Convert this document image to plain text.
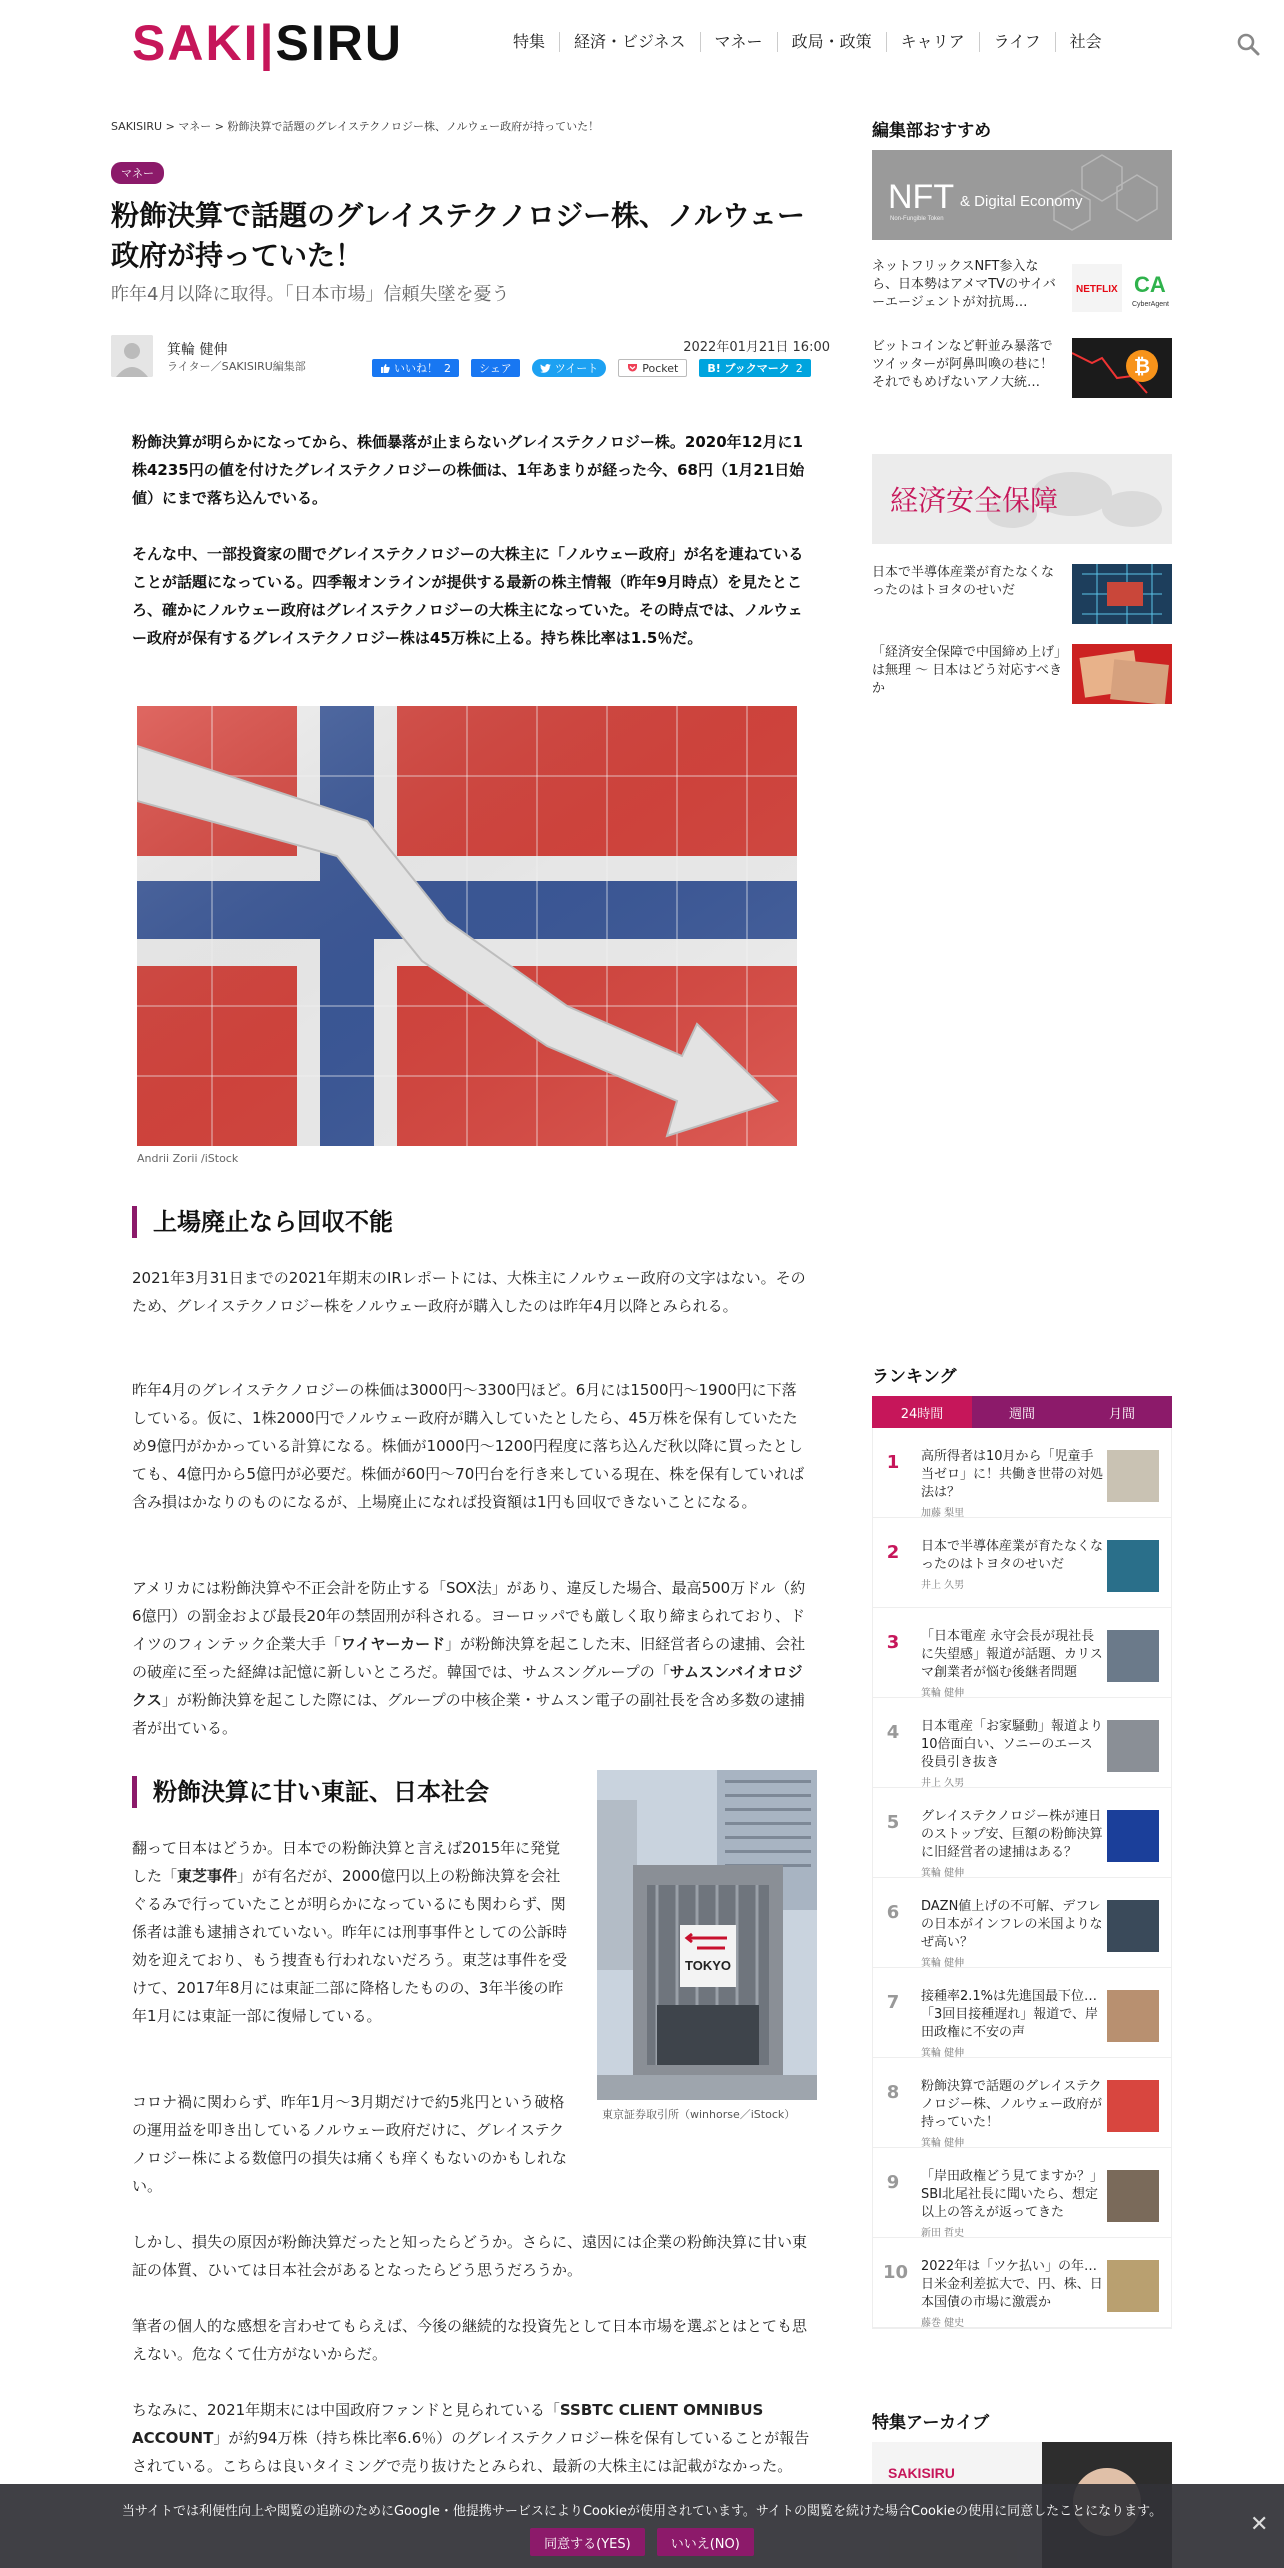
SAKI|SIRU	特集	経済・ビジネス	マネー	政局・政策	キャリア	ライフ	社会
SAKISIRU > マネー > 粉飾決算で話題のグレイステクノロジー株、ノルウェー政府が持っていた！
マネー
粉飾決算で話題のグレイステクノロジー株、ノルウェー政府が持っていた！
昨年4月以降に取得。「日本市場」信頼失墜を憂う
箕輪 健伸
ライター／SAKISIRU編集部
2022年01月21日 16:00
いいね！ 2	シェア	ツイート	Pocket	B! ブックマーク 2

粉飾決算が明らかになってから、株価暴落が止まらないグレイステクノロジー株。2020年12月に1株4235円の値を付けたグレイステクノロジーの株価は、1年あまりが経った今、68円（1月21日始値）にまで落ち込んでいる。

そんな中、一部投資家の間でグレイステクノロジーの大株主に「ノルウェー政府」が名を連ねていることが話題になっている。四季報オンラインが提供する最新の株主情報（昨年9月時点）を見たところ、確かにノルウェー政府はグレイステクノロジーの大株主になっていた。その時点では、ノルウェー政府が保有するグレイステクノロジー株は45万株に上る。持ち株比率は1.5％だ。

Andrii Zorii /iStock
上場廃止なら回収不能

2021年3月31日までの2021年期末のIRレポートには、大株主にノルウェー政府の文字はない。そのため、グレイステクノロジー株をノルウェー政府が購入したのは昨年4月以降とみられる。

昨年4月のグレイステクノロジーの株価は3000円～3300円ほど。6月には1500円～1900円に下落している。仮に、1株2000円でノルウェー政府が購入していたとしたら、45万株を保有していたため9億円がかかっている計算になる。株価が1000円～1200円程度に落ち込んだ秋以降に買ったとしても、4億円から5億円が必要だ。株価が60円～70円台を行き来している現在、株を保有していれば含み損はかなりのものになるが、上場廃止になれば投資額は1円も回収できないことになる。

アメリカには粉飾決算や不正会計を防止する「SOX法」があり、違反した場合、最高500万ドル（約6億円）の罰金および最長20年の禁固刑が科される。ヨーロッパでも厳しく取り締まられており、ドイツのフィンテック企業大手「ワイヤーカード」が粉飾決算を起こした末、旧経営者らの逮捕、会社の破産に至った経緯は記憶に新しいところだ。韓国では、サムスングループの「サムスンバイオロジクス」が粉飾決算を起こした際には、グループの中核企業・サムスン電子の副社長を含め多数の逮捕者が出ている。

粉飾決算に甘い東証、日本社会

翻って日本はどうか。日本での粉飾決算と言えば2015年に発覚した「東芝事件」が有名だが、2000億円以上の粉飾決算を会社ぐるみで行っていたことが明らかになっているにも関わらず、関係者は誰も逮捕されていない。昨年には刑事事件としての公訴時効を迎えており、もう捜査も行われないだろう。東芝は事件を受けて、2017年8月には東証二部に降格したものの、3年半後の昨年1月には東証一部に復帰している。

コロナ禍に関わらず、昨年1月～3月期だけで約5兆円という破格の運用益を叩き出しているノルウェー政府だけに、グレイステクノロジー株による数億円の損失は痛くも痒くもないのかもしれない。

TOKYO
東京証券取引所（winhorse／iStock）

しかし、損失の原因が粉飾決算だったと知ったらどうか。さらに、遠因には企業の粉飾決算に甘い東証の体質、ひいては日本社会があるとなったらどう思うだろうか。

筆者の個人的な感想を言わせてもらえば、今後の継続的な投資先として日本市場を選ぶとはとても思えない。危なくて仕方がないからだ。

ちなみに、2021年期末には中国政府ファンドと見られている「SSBTC CLIENT OMNIBUS ACCOUNT」が約94万株（持ち株比率6.6％）のグレイステクノロジー株を保有していることが報告されている。こちらは良いタイミングで売り抜けたとみられ、最新の大株主には記載がなかった。

編集部おすすめ
NFT & Digital Economy
Non-Fungible Token
ネットフリックスNFT参入なら、日本勢はアメマTVのサイバーエージェントが対抗馬…
NETFLIX CA
CyberAgent
ビットコインなど軒並み暴落でツイッターが阿鼻叫喚の巷に！それでもめげないアノ大統…
₿
経済安全保障
日本で半導体産業が育たなくなったのはトヨタのせいだ
「経済安全保障で中国締め上げ」は無理 〜 日本はどう対応すべきか
ランキング
24時間	週間	月間
1 高所得者は10月から「児童手当ゼロ」に！共働き世帯の対処法は？
加藤 梨里
2 日本で半導体産業が育たなくなったのはトヨタのせいだ
井上 久男
3 「日本電産 永守会長が現社長に失望感」報道が話題、カリスマ創業者が悩む後継者問題
箕輪 健伸
4 日本電産「お家騒動」報道より10倍面白い、ソニーのエース役員引き抜き
井上 久男
5 グレイステクノロジー株が連日のストップ安、巨額の粉飾決算に旧経営者の逮捕はある？
箕輪 健伸
6 DAZN値上げの不可解、デフレの日本がインフレの米国よりなぜ高い？
箕輪 健伸
7 接種率2.1%は先進国最下位…「3回目接種遅れ」報道で、岸田政権に不安の声
箕輪 健伸
8 粉飾決算で話題のグレイステクノロジー株、ノルウェー政府が持っていた！
箕輪 健伸
9 「岸田政権どう見てますか？」SBI北尾社長に聞いたら、想定以上の答えが返ってきた
新田 哲史
10 2022年は「ツケ払い」の年…日米金利差拡大で、円、株、日本国債の市場に激震か
藤巻 健史
特集アーカイブ
SAKISIRU
当サイトでは利便性向上や閲覧の追跡のためにGoogle・他提携サービスによりCookieが使用されています。サイトの閲覧を続けた場合Cookieの使用に同意したことになります。
同意する(YES)	いいえ(NO)
✕
